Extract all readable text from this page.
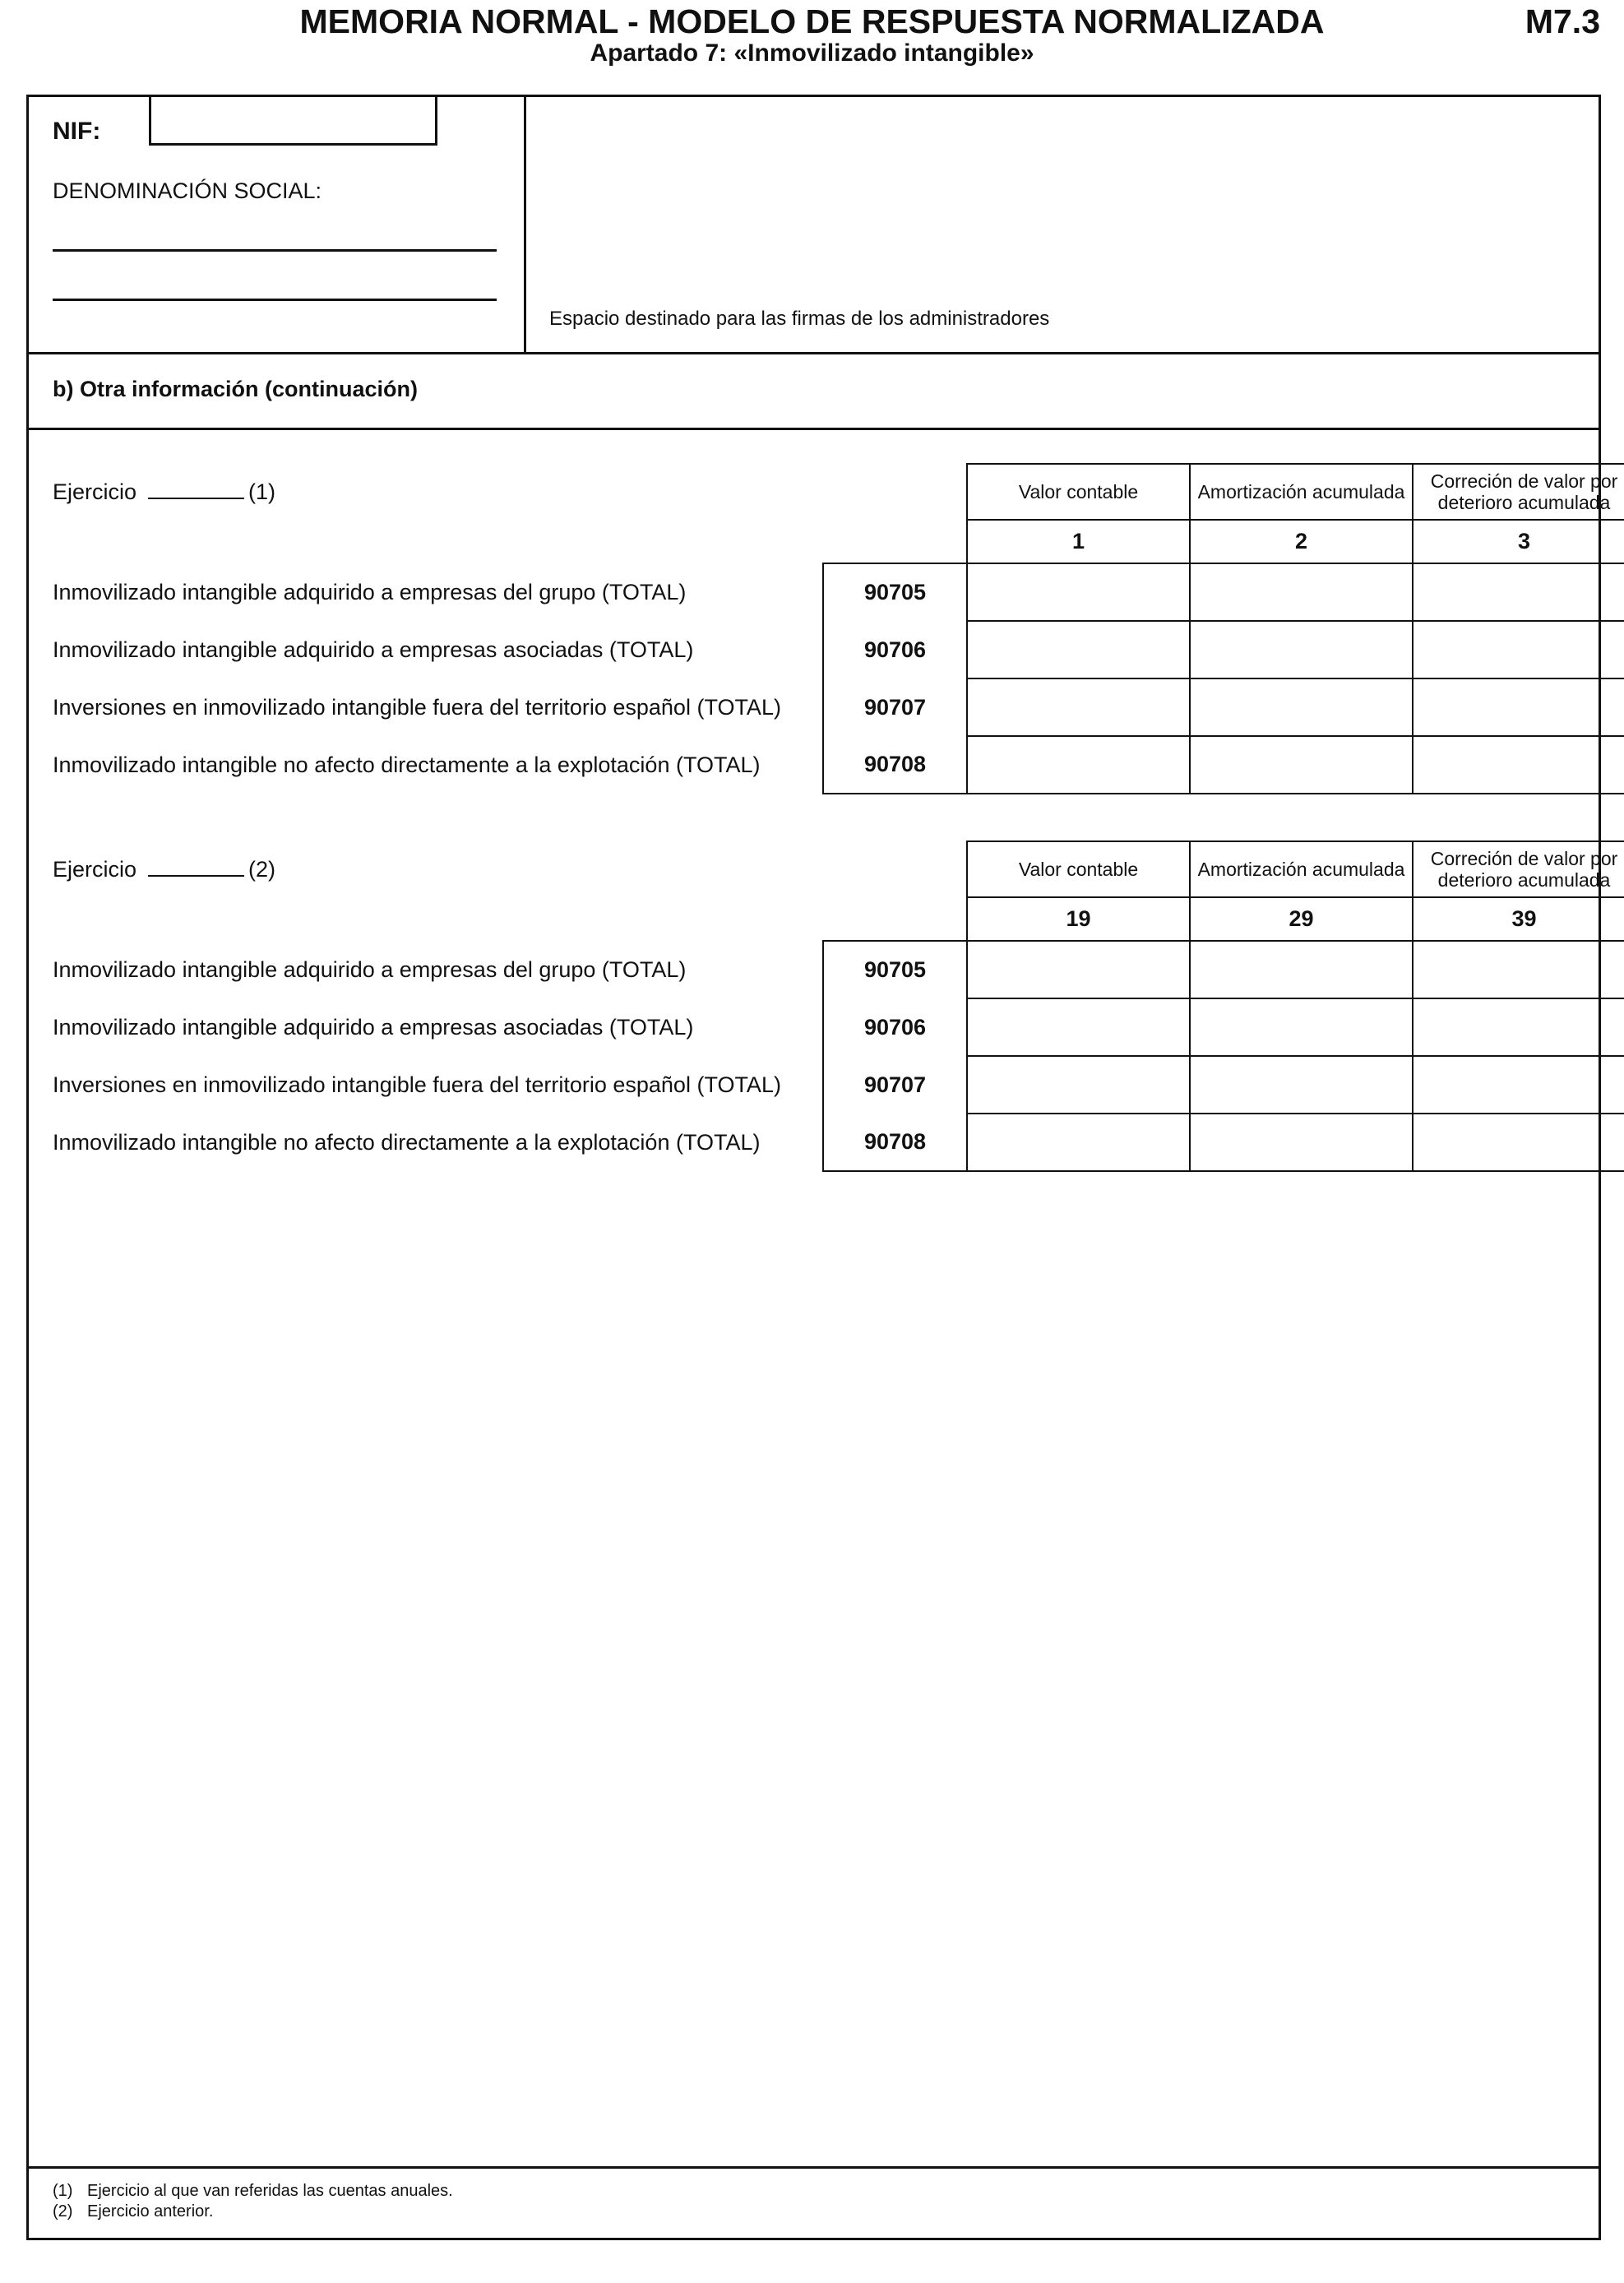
MEMORIA NORMAL - MODELO DE RESPUESTA NORMALIZADA
Apartado 7: «Inmovilizado intangible»
M7.3
NIF:
DENOMINACIÓN SOCIAL:
Espacio destinado para las firmas de los administradores
b) Otra información (continuación)
Ejercicio (1)		Valor contable	Amortización acumulada	Correción de valor por deterioro acumulada
		1	2	3
Inmovilizado intangible adquirido a empresas del grupo (TOTAL)	90705			
Inmovilizado intangible adquirido a empresas asociadas (TOTAL)	90706			
Inversiones en inmovilizado intangible fuera del territorio español (TOTAL)	90707			
Inmovilizado intangible no afecto directamente a la explotación (TOTAL)	90708			
Ejercicio (2)		Valor contable	Amortización acumulada	Correción de valor por deterioro acumulada
		19	29	39
Inmovilizado intangible adquirido a empresas del grupo (TOTAL)	90705			
Inmovilizado intangible adquirido a empresas asociadas (TOTAL)	90706			
Inversiones en inmovilizado intangible fuera del territorio español (TOTAL)	90707			
Inmovilizado intangible no afecto directamente a la explotación (TOTAL)	90708			
(1) Ejercicio al que van referidas las cuentas anuales.
(2) Ejercicio anterior.
